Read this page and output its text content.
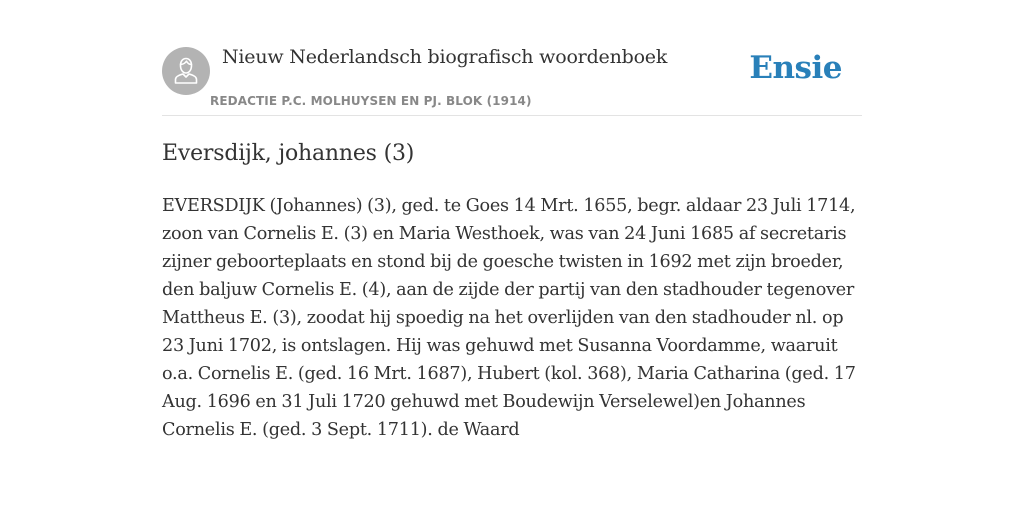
Nieuw Nederlandsch biografisch woordenboek
REDACTIE P.C. MOLHUYSEN EN PJ. BLOK (1914)
Ensie
Eversdijk, johannes (3)

EVERSDIJK (Johannes) (3), ged. te Goes 14 Mrt. 1655, begr. aldaar 23 Juli 1714, zoon van Cornelis E. (3) en Maria Westhoek, was van 24 Juni 1685 af secretaris zijner geboorteplaats en stond bij de goesche twisten in 1692 met zijn broeder, den baljuw Cornelis E. (4), aan de zijde der partij van den stadhouder tegenover Mattheus E. (3), zoodat hij spoedig na het overlijden van den stadhouder nl. op 23 Juni 1702, is ontslagen. Hij was gehuwd met Susanna Voordamme, waaruit o.a. Cornelis E. (ged. 16 Mrt. 1687), Hubert (kol. 368), Maria Catharina (ged. 17 Aug. 1696 en 31 Juli 1720 gehuwd met Boudewijn Verselewel)en Johannes Cornelis E. (ged. 3 Sept. 1711). de Waard
